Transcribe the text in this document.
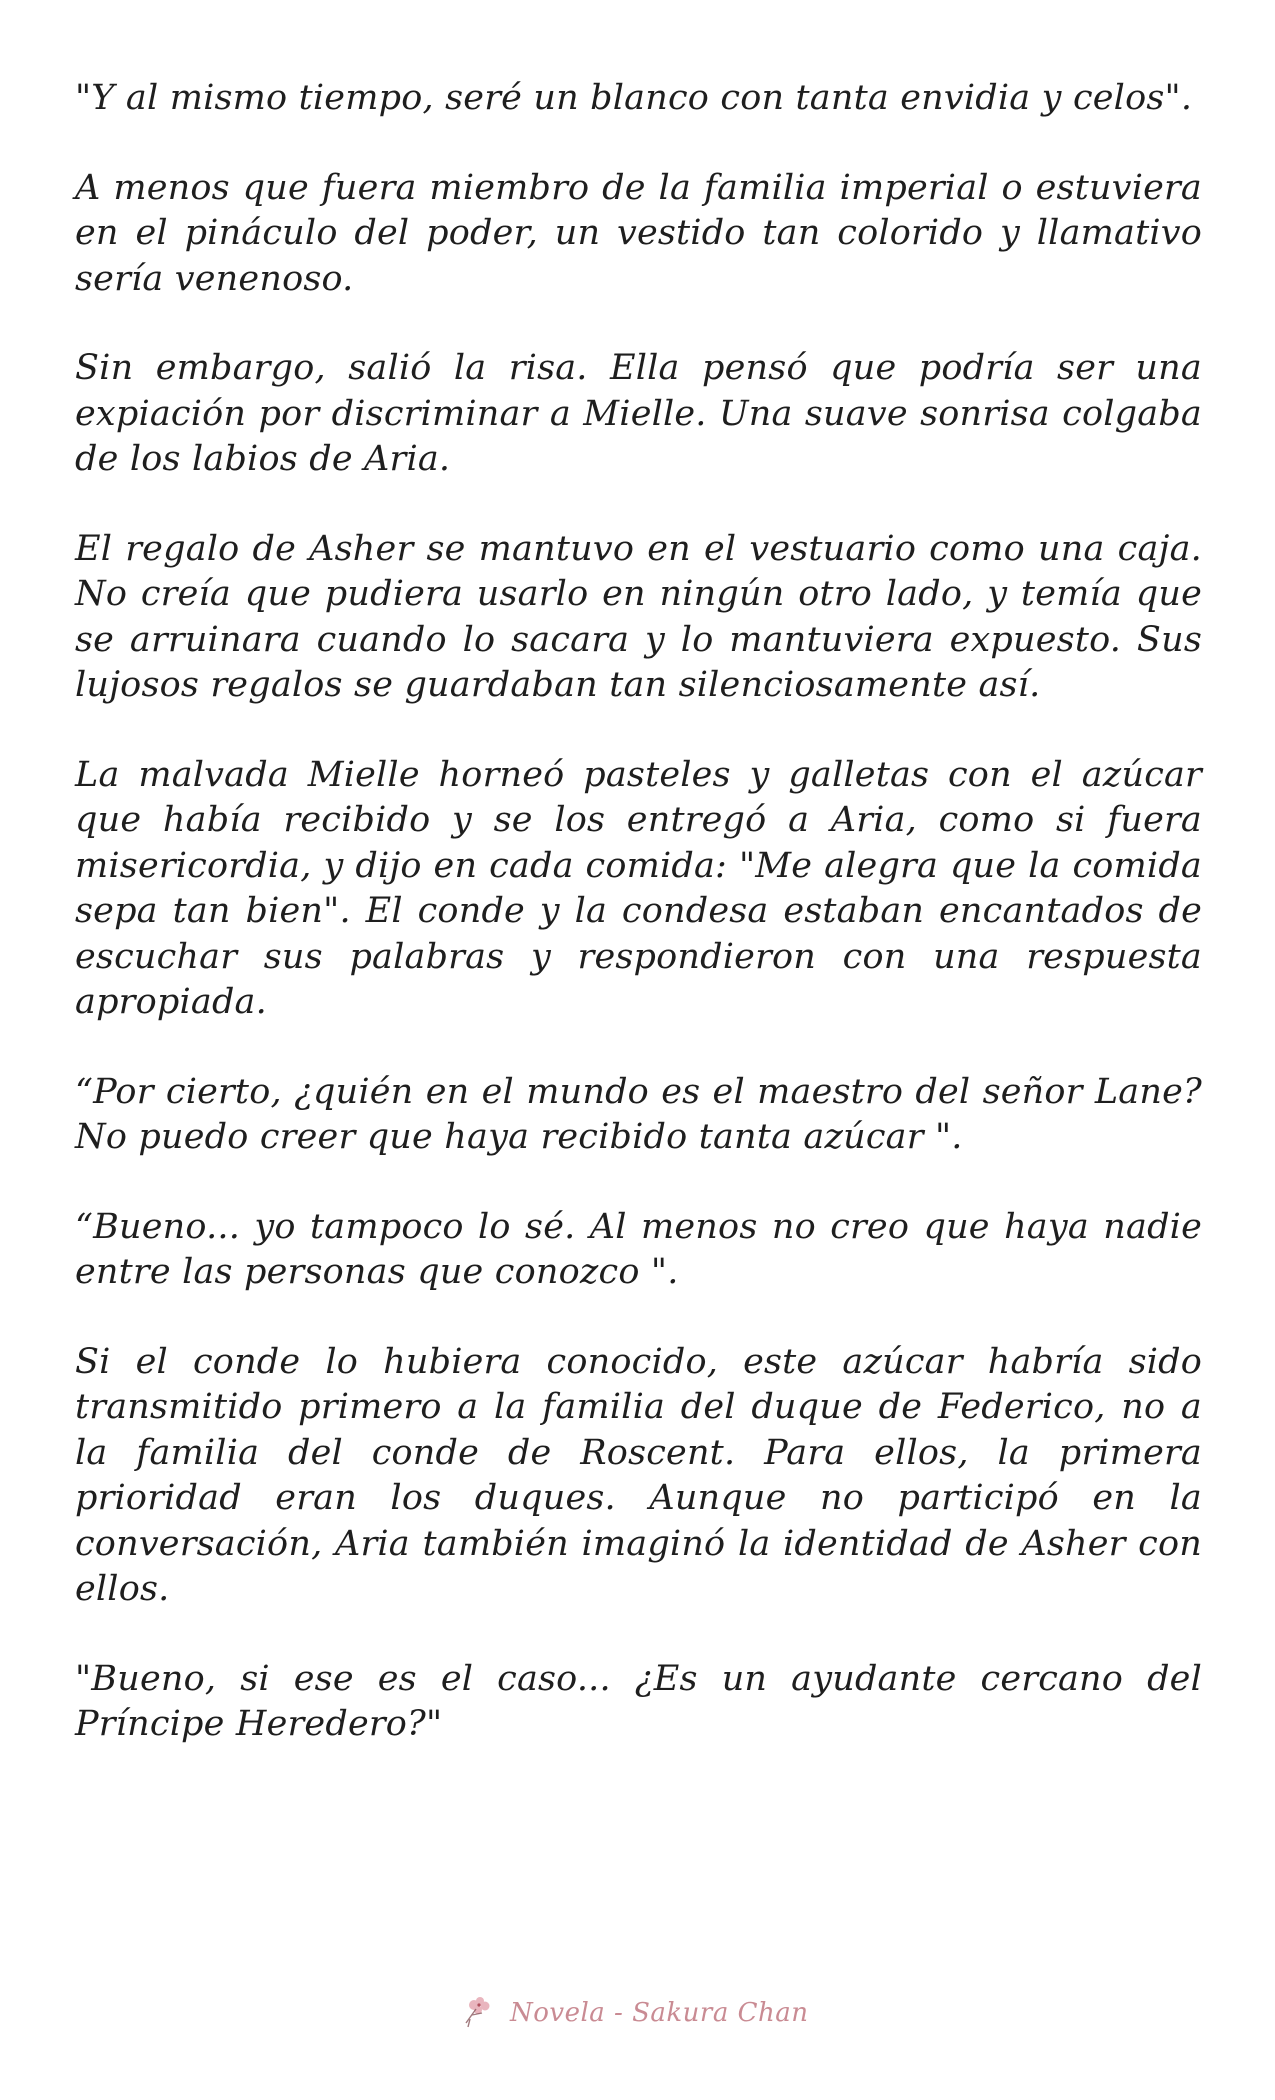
"Y al mismo tiempo, seré un blanco con tanta envidia y celos".

A menos que fuera miembro de la familia imperial o estuviera en el pináculo del poder, un vestido tan colorido y llamativo sería venenoso.

Sin embargo, salió la risa. Ella pensó que podría ser una expiación por discriminar a Mielle. Una suave sonrisa colgaba de los labios de Aria.

El regalo de Asher se mantuvo en el vestuario como una caja. No creía que pudiera usarlo en ningún otro lado, y temía que se arruinara cuando lo sacara y lo mantuviera expuesto. Sus lujosos regalos se guardaban tan silenciosamente así.

La malvada Mielle horneó pasteles y galletas con el azúcar que había recibido y se los entregó a Aria, como si fuera misericordia, y dijo en cada comida: "Me alegra que la comida sepa tan bien". El conde y la condesa estaban encantados de escuchar sus palabras y respondieron con una respuesta apropiada.

“Por cierto, ¿quién en el mundo es el maestro del señor Lane? No puedo creer que haya recibido tanta azúcar ".

“Bueno... yo tampoco lo sé. Al menos no creo que haya nadie entre las personas que conozco ".

Si el conde lo hubiera conocido, este azúcar habría sido transmitido primero a la familia del duque de Federico, no a la familia del conde de Roscent. Para ellos, la primera prioridad eran los duques. Aunque no participó en la conversación, Aria también imaginó la identidad de Asher con ellos.

"Bueno, si ese es el caso... ¿Es un ayudante cercano del Príncipe Heredero?"

Novela - Sakura Chan
